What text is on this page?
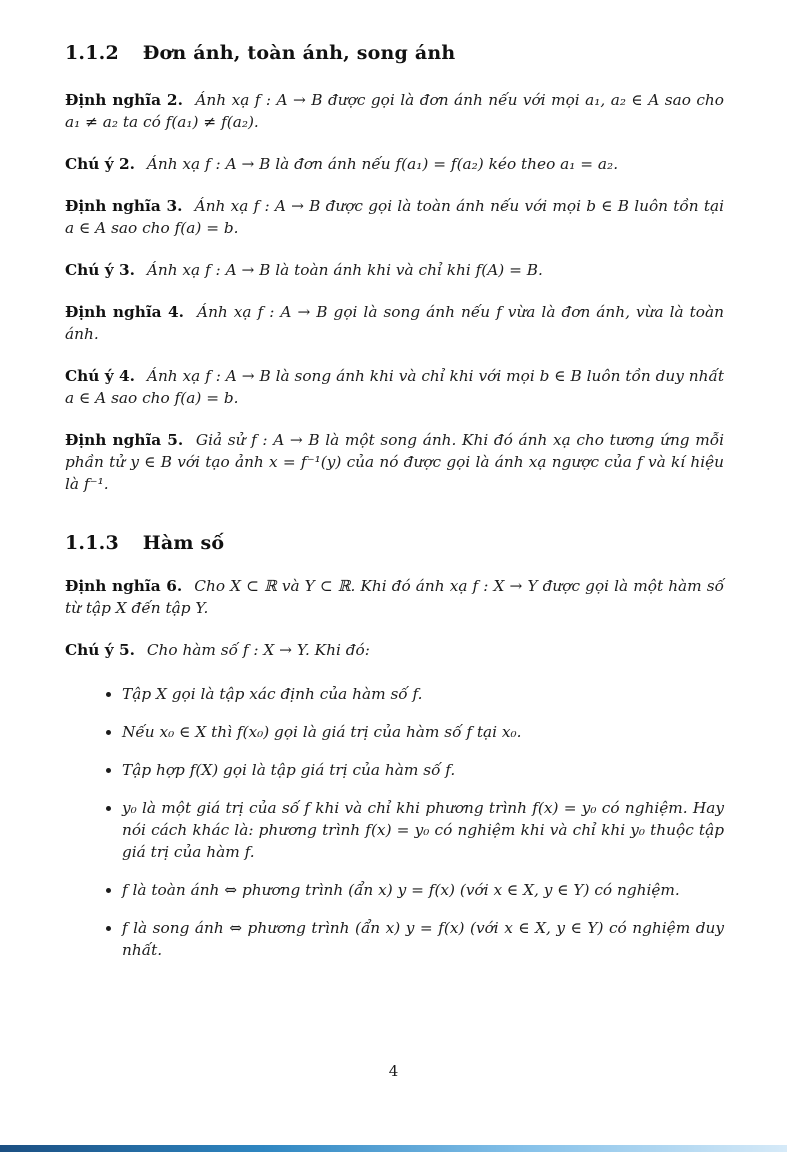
1.1.2 Đơn ánh, toàn ánh, song ánh

Định nghĩa 2. Ánh xạ f : A → B được gọi là đơn ánh nếu với mọi a₁, a₂ ∈ A sao cho a₁ ≠ a₂ ta có f(a₁) ≠ f(a₂).

Chú ý 2. Ánh xạ f : A → B là đơn ánh nếu f(a₁) = f(a₂) kéo theo a₁ = a₂.

Định nghĩa 3. Ánh xạ f : A → B được gọi là toàn ánh nếu với mọi b ∈ B luôn tồn tại a ∈ A sao cho f(a) = b.

Chú ý 3. Ánh xạ f : A → B là toàn ánh khi và chỉ khi f(A) = B.

Định nghĩa 4. Ánh xạ f : A → B gọi là song ánh nếu f vừa là đơn ánh, vừa là toàn ánh.

Chú ý 4. Ánh xạ f : A → B là song ánh khi và chỉ khi với mọi b ∈ B luôn tồn duy nhất a ∈ A sao cho f(a) = b.

Định nghĩa 5. Giả sử f : A → B là một song ánh. Khi đó ánh xạ cho tương ứng mỗi phần tử y ∈ B với tạo ảnh x = f⁻¹(y) của nó được gọi là ánh xạ ngược của f và kí hiệu là f⁻¹.

1.1.3 Hàm số

Định nghĩa 6. Cho X ⊂ ℝ và Y ⊂ ℝ. Khi đó ánh xạ f : X → Y được gọi là một hàm số từ tập X đến tập Y.

Chú ý 5. Cho hàm số f : X → Y. Khi đó:

• Tập X gọi là tập xác định của hàm số f.
• Nếu x₀ ∈ X thì f(x₀) gọi là giá trị của hàm số f tại x₀.
• Tập hợp f(X) gọi là tập giá trị của hàm số f.
• y₀ là một giá trị của số f khi và chỉ khi phương trình f(x) = y₀ có nghiệm. Hay nói cách khác là: phương trình f(x) = y₀ có nghiệm khi và chỉ khi y₀ thuộc tập giá trị của hàm f.
• f là toàn ánh ⇔ phương trình (ẩn x) y = f(x) (với x ∈ X, y ∈ Y) có nghiệm.
• f là song ánh ⇔ phương trình (ẩn x) y = f(x) (với x ∈ X, y ∈ Y) có nghiệm duy nhất.
4
